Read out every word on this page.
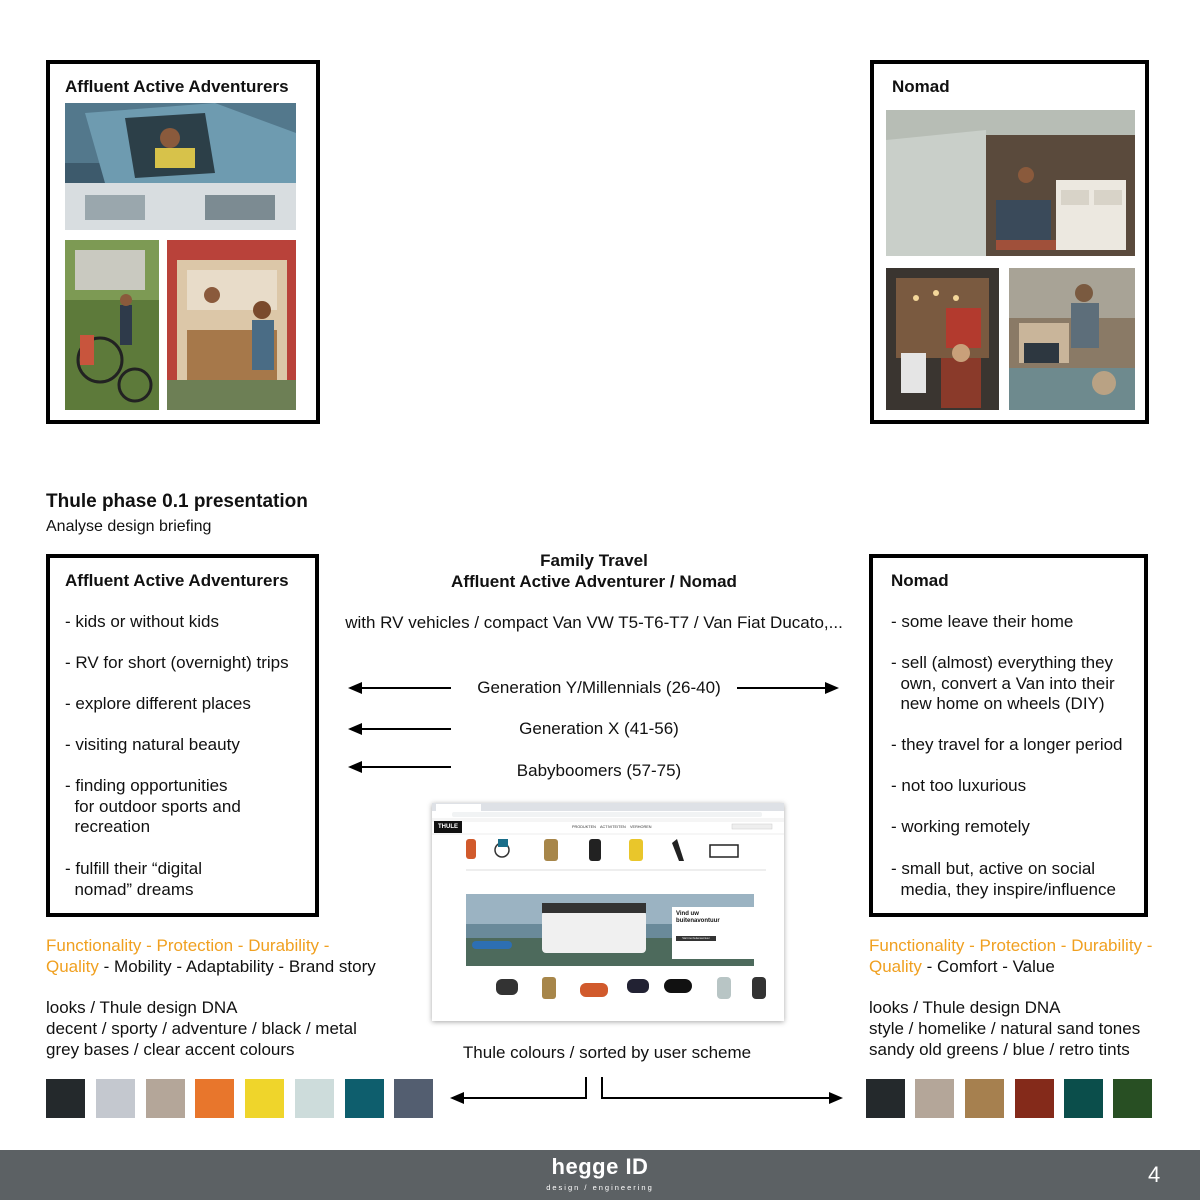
Affluent Active Adventurers	Nomad
Thule phase 0.1 presentation
Analyse design briefing
Affluent Active Adventurers
- kids or without kids
- RV for short (overnight) trips
- explore different places
- visiting natural beauty
- finding opportunities
for outdoor sports and
recreation
- fulfill their “digital
nomad” dreams
Nomad
- some leave their home
- sell (almost) everything they
own, convert a Van into their
new home on wheels (DIY)
- they travel for a longer period
- not too luxurious
- working remotely
- small but, active on social
media, they inspire/influence
Family Travel
Affluent Active Adventurer / Nomad
with RV vehicles / compact Van VW T5-T6-T7 / Van Fiat Ducato,...
Generation Y/Millennials (26-40)
Generation X (41-56)
Babyboomers (57-75)
THULE	PRODUKTEN ACTIVITEITEN VERHOREN
Vind uw buitenavontuur
Start met buitenavontuur
Thule colours / sorted by user scheme
Functionality - Protection - Durability -
Quality - Mobility - Adaptability - Brand story
looks / Thule design DNA
decent / sporty / adventure / black / metal
grey bases / clear accent colours
Functionality - Protection - Durability -
Quality - Comfort - Value
looks / Thule design DNA
style / homelike / natural sand tones
sandy old greens / blue / retro tints
hegge ID
design / engineering
4
